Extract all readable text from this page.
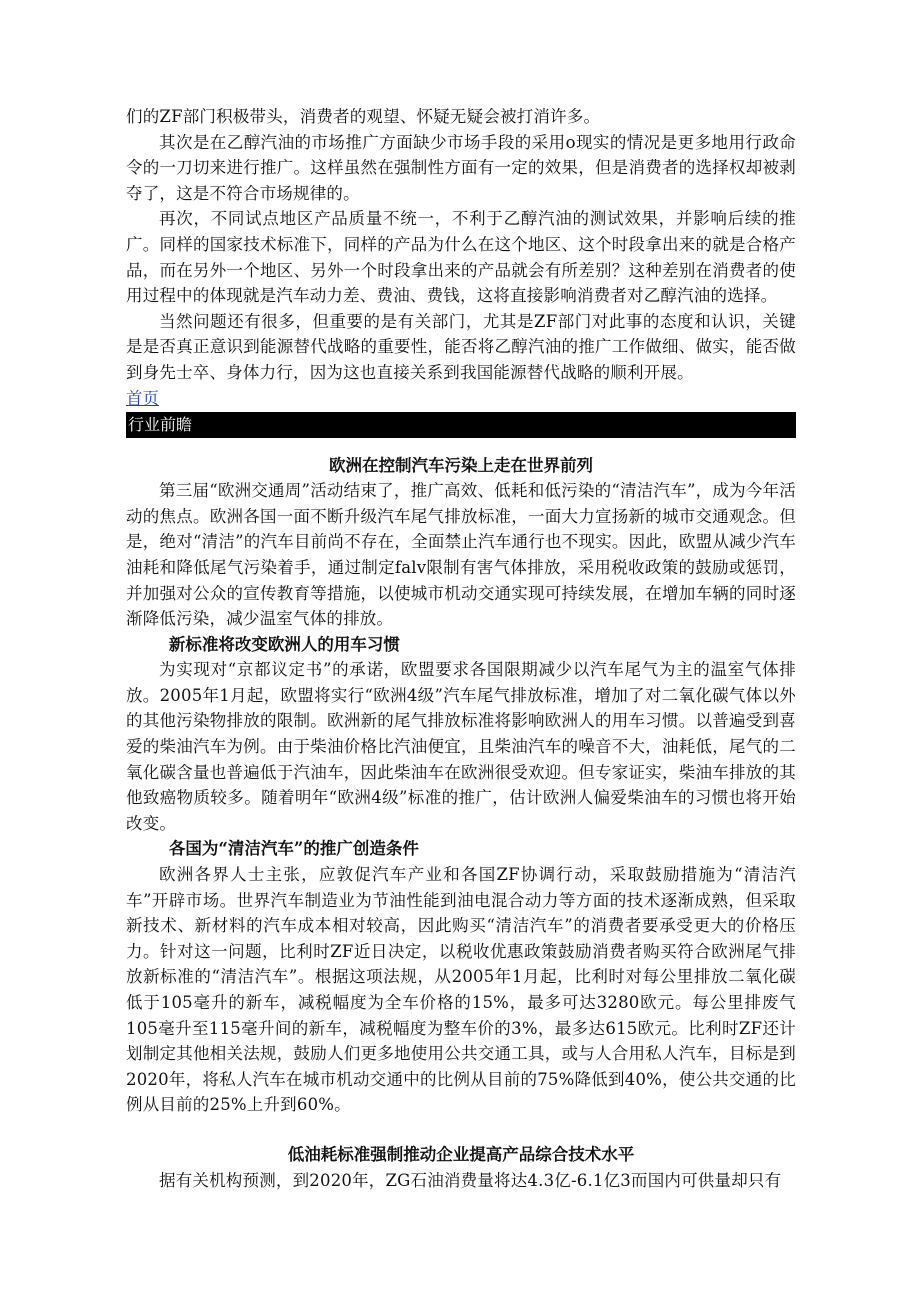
们的ZF部门积极带头，消费者的观望、怀疑无疑会被打消许多。

其次是在乙醇汽油的市场推广方面缺少市场手段的采用o现实的情况是更多地用行政命令的一刀切来进行推广。这样虽然在强制性方面有一定的效果，但是消费者的选择权却被剥夺了，这是不符合市场规律的。

再次，不同试点地区产品质量不统一，不利于乙醇汽油的测试效果，并影响后续的推广。同样的国家技术标准下，同样的产品为什么在这个地区、这个时段拿出来的就是合格产品，而在另外一个地区、另外一个时段拿出来的产品就会有所差别？这种差别在消费者的使用过程中的体现就是汽车动力差、费油、费钱，这将直接影响消费者对乙醇汽油的选择。

当然问题还有很多，但重要的是有关部门，尤其是ZF部门对此事的态度和认识，关键是是否真正意识到能源替代战略的重要性，能否将乙醇汽油的推广工作做细、做实，能否做到身先士卒、身体力行，因为这也直接关系到我国能源替代战略的顺利开展。

首页
行业前瞻

欧洲在控制汽车污染上走在世界前列

第三届“欧洲交通周”活动结束了，推广高效、低耗和低污染的“清洁汽车”，成为今年活动的焦点。欧洲各国一面不断升级汽车尾气排放标准，一面大力宣扬新的城市交通观念。但是，绝对“清洁”的汽车目前尚不存在，全面禁止汽车通行也不现实。因此，欧盟从减少汽车油耗和降低尾气污染着手，通过制定falv限制有害气体排放，采用税收政策的鼓励或惩罚，并加强对公众的宣传教育等措施，以使城市机动交通实现可持续发展，在增加车辆的同时逐渐降低污染，减少温室气体的排放。

新标准将改变欧洲人的用车习惯

为实现对“京都议定书”的承诺，欧盟要求各国限期减少以汽车尾气为主的温室气体排放。2005年1月起，欧盟将实行“欧洲4级”汽车尾气排放标准，增加了对二氧化碳气体以外的其他污染物排放的限制。欧洲新的尾气排放标准将影响欧洲人的用车习惯。以普遍受到喜爱的柴油汽车为例。由于柴油价格比汽油便宜，且柴油汽车的噪音不大，油耗低，尾气的二氧化碳含量也普遍低于汽油车，因此柴油车在欧洲很受欢迎。但专家证实，柴油车排放的其他致癌物质较多。随着明年“欧洲4级”标准的推广，估计欧洲人偏爱柴油车的习惯也将开始改变。

各国为“清洁汽车”的推广创造条件

欧洲各界人士主张，应敦促汽车产业和各国ZF协调行动，采取鼓励措施为“清洁汽车”开辟市场。世界汽车制造业为节油性能到油电混合动力等方面的技术逐渐成熟，但采取新技术、新材料的汽车成本相对较高，因此购买“清洁汽车”的消费者要承受更大的价格压力。针对这一问题，比利时ZF近日决定，以税收优惠政策鼓励消费者购买符合欧洲尾气排放新标准的“清洁汽车”。根据这项法规，从2005年1月起，比利时对每公里排放二氧化碳低于105毫升的新车，减税幅度为全车价格的15%，最多可达3280欧元。每公里排废气105毫升至115毫升间的新车，减税幅度为整车价的3%，最多达615欧元。比利时ZF还计划制定其他相关法规，鼓励人们更多地使用公共交通工具，或与人合用私人汽车，目标是到2020年，将私人汽车在城市机动交通中的比例从目前的75%降低到40%，使公共交通的比例从目前的25%上升到60%。

低油耗标准强制推动企业提高产品综合技术水平

据有关机构预测，到2020年，ZG石油消费量将达4.3亿-6.1亿3而国内可供量却只有
